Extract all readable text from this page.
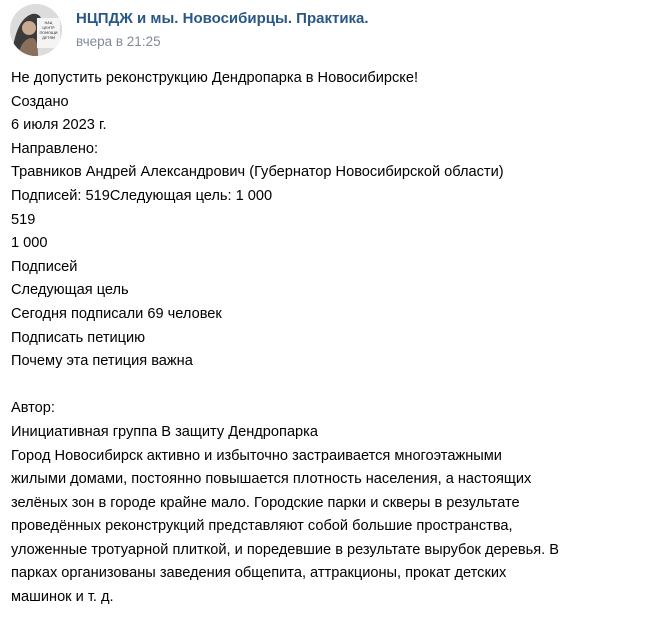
НАЦ
ЦЕНТР
ПОМОЩИ
ДЕТЯМ
НЦПДЖ и мы. Новосибирцы. Практика.
вчера в 21:25
Не допустить реконструкцию Дендропарка в Новосибирске!
Создано
6 июля 2023 г.
Направлено:
Травников Андрей Александрович (Губернатор Новосибирской области)
Подписей: 519Следующая цель: 1 000
519
1 000
Подписей
Следующая цель
Сегодня подписали 69 человек
Подписать петицию
Почему эта петиция важна
Автор:
Инициативная группа В защиту Дендропарка
Город Новосибирск активно и избыточно застраивается многоэтажными
жилыми домами, постоянно повышается плотность населения, а настоящих
зелёных зон в городе крайне мало. Городские парки и скверы в результате
проведённых реконструкций представляют собой большие пространства,
уложенные тротуарной плиткой, и поредевшие в результате вырубок деревья. В
парках организованы заведения общепита, аттракционы, прокат детских
машинок и т. д.
